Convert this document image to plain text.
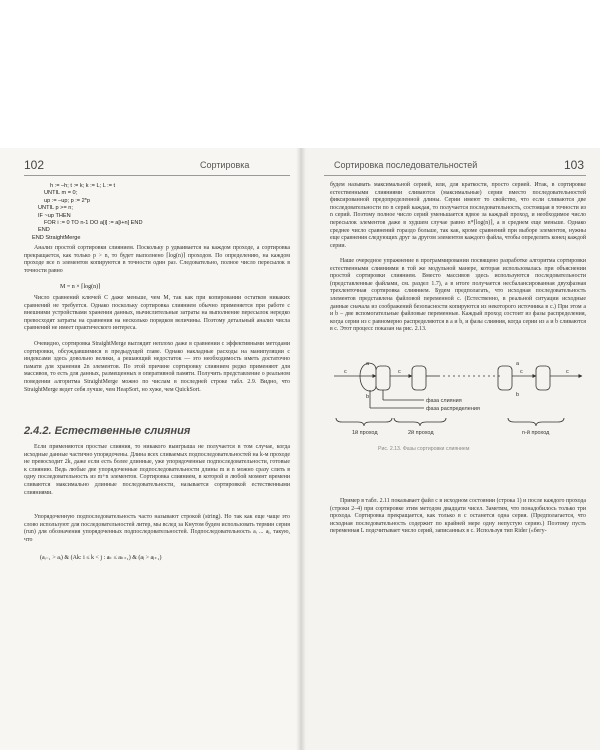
102	Сортировка
h := –h; t := k; k := L; L := t
UNTIL m = 0;
up := –up; p := 2*p
UNTIL p >= n;
IF ~up THEN
FOR i := 0 TO n-1 DO a[i] := a[i+n] END
END
END StraightMerge

Анализ простой сортировки слиянием. Поскольку p удваивается на каждом проходе, а сортировка прекращается, как только p > n, то будет выполнено ⌈log(n)⌉ проходов. По определению, на каждом проходе все n элементов копируются в точности один раз. Следовательно, полное число пересылок в точности равно

M = n × ⌈log(n)⌉

Число сравнений ключей C даже меньше, чем M, так как при копировании остатков никаких сравнений не требуется. Однако поскольку сортировка слиянием обычно применяется при работе с внешними устройствами хранения данных, вычислительные затраты на выполнение пересылок нередко превосходят затраты на сравнения на несколько порядков величины. Поэтому детальный анализ числа сравнений не имеет практического интереса.

Очевидно, сортировка StraightMerge выглядит неплохо даже в сравнении с эффективными методами сортировки, обсуждавшимися в предыдущей главе. Однако накладные расходы на манипуляции с индексами здесь довольно велики, а решающий недостаток — это необходимость иметь достаточно памати для хранения 2n элементов. По этой причине сортировку слиянием редко применяют для массивов, то есть для данных, размещенных в оперативной памяти. Получить представление о реальном поведении алгоритма StraightMerge можно по числам в последней строке табл. 2.9. Видно, что StraightMerge ведет себя лучше, чем HeapSort, но хуже, чем QuickSort.

2.4.2. Естественные слияния

Если применяются простые слияния, то никакого выигрыша не получается в том случае, когда исходные данные частично упорядочены. Длина всех сливаемых подпоследовательностей на k-м проходе не превосходит 2k, даже если есть более длинные, уже упорядоченные подпоследовательности, готовые к слиянию. Ведь любые две упорядоченные подпоследовательности длины m и n можно сразу слить в одну последовательность из m+n элементов. Сортировка слиянием, в которой в любой момент времени сливаются максимально длинные последовательности, называется сортировкой естественными слияниями.

Упорядоченную подпоследовательность часто называют строкой (string). Но так как еще чаще это слово используют для последовательностей литер, мы вслед за Кнутом будем использовать термин серия (run) для обозначения упорядоченных подпоследовательностей. Подпоследовательность aᵢ ... aⱼ, такую, что

(aᵢ₋₁ > aᵢ) & (Ak: i ≤ k < j : aₖ ≤ aₖ₊₁) & (aⱼ > aⱼ₊₁)
Сортировка последовательностей	103

будем называть максимальной серией, или, для краткости, просто серией. Итак, в сортировке естественными слияниями сливаются (максимальные) серии вместо последовательностей фиксированной предопределенной длины. Серии имеют то свойство, что если сливаются две последовательности по n серий каждая, то получается последовательность, состоящая в точности из n серий. Поэтому полное число серий уменьшается вдвое за каждый проход, и необходимое число пересылок элементов даже в худшем случае равно n*⌈log(n)⌉, а в среднем еще меньше. Однако среднее число сравнений гораздо больше, так как, кроме сравнений при выборе элементов, нужны еще сравнения следующих друг за другом элементов каждого файла, чтобы определить конец каждой серии.

Наше очередное упражнение в программировании посвящено разработке алгоритма сортировки естественными слияниями в той же модульной манере, которая использовалась при объяснении простой сортировки слиянием. Вместо массивов здесь используются последовательности (представленные файлами, см. раздел 1.7), а в итоге получается несбалансированная двухфазная трехленточная сортировка слиянием. Будем предполагать, что исходная последовательность элементов представлена файловой переменной c. (Естественно, в реальной ситуации исходные данные сначала из соображений безопасности копируются из некоторого источника в c.) При этом a и b – две вспомогательные файловые переменные. Каждый проход состоит из фазы распределения, когда серии из c равномерно распределяются в a и b, и фазы слияния, когда серии из a и b сливаются в c. Этот процесс показан на рис. 2.13.

c
a
b
c	c
a
b
c
фаза слияния
фаза распределения
1й проход	2й проход	n-й проход
Рис. 2.13. Фазы сортировки слиянием

Пример в табл. 2.11 показывает файл c в исходном состоянии (строка 1) и после каждого прохода (строки 2–4) при сортировке этим методом двадцати чисел. Заметим, что понадобилось только три прохода. Сортировка прекращается, как только в c останется одна серия. (Предполагается, что исходная последовательность содержит по крайней мере одну непустую серию.) Поэтому пусть переменная L подсчитывает число серий, записанных в c. Используя тип Rider («бегу-
